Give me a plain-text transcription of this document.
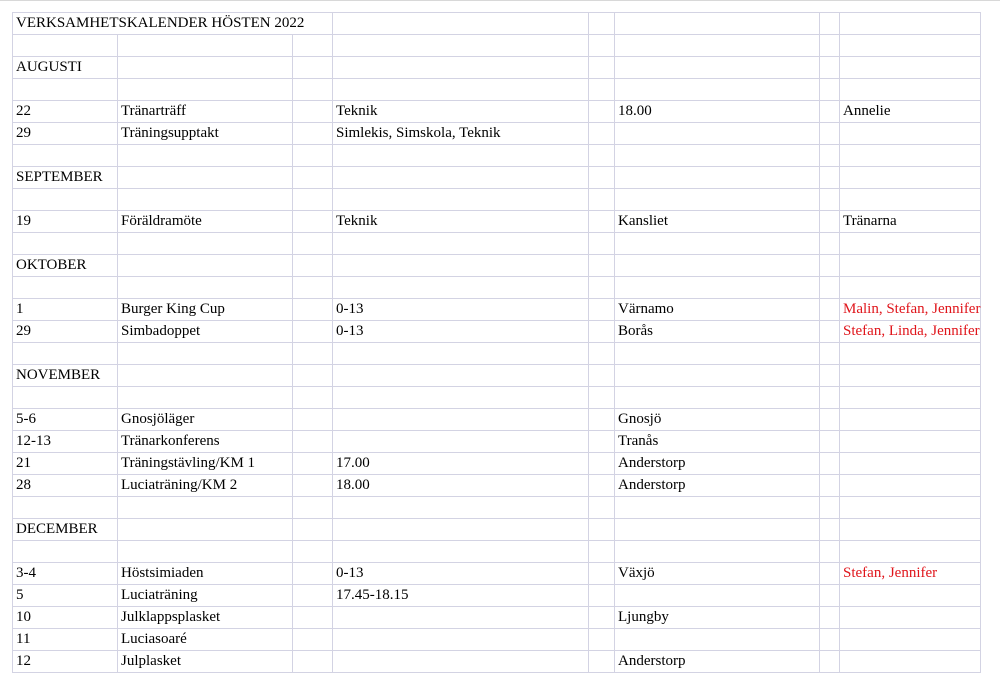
VERKSAMHETSKALENDER HÖSTEN 2022							

AUGUSTI							

22	Tränarträff		Teknik		18.00		Annelie
29	Träningsupptakt		Simlekis, Simskola, Teknik				

SEPTEMBER							

19	Föräldramöte		Teknik		Kansliet		Tränarna

OKTOBER							

1	Burger King Cup		0-13		Värnamo		Malin, Stefan, Jennifer
29	Simbadoppet		0-13		Borås		Stefan, Linda, Jennifer

NOVEMBER							

5-6	Gnosjöläger				Gnosjö		
12-13	Tränarkonferens				Tranås		
21	Träningstävling/KM 1		17.00		Anderstorp		
28	Luciaträning/KM 2		18.00		Anderstorp		

DECEMBER							

3-4	Höstsimiaden		0-13		Växjö		Stefan, Jennifer
5	Luciaträning		17.45-18.15				
10	Julklappsplasket				Ljungby		
11	Luciasoaré						
12	Julplasket				Anderstorp		
